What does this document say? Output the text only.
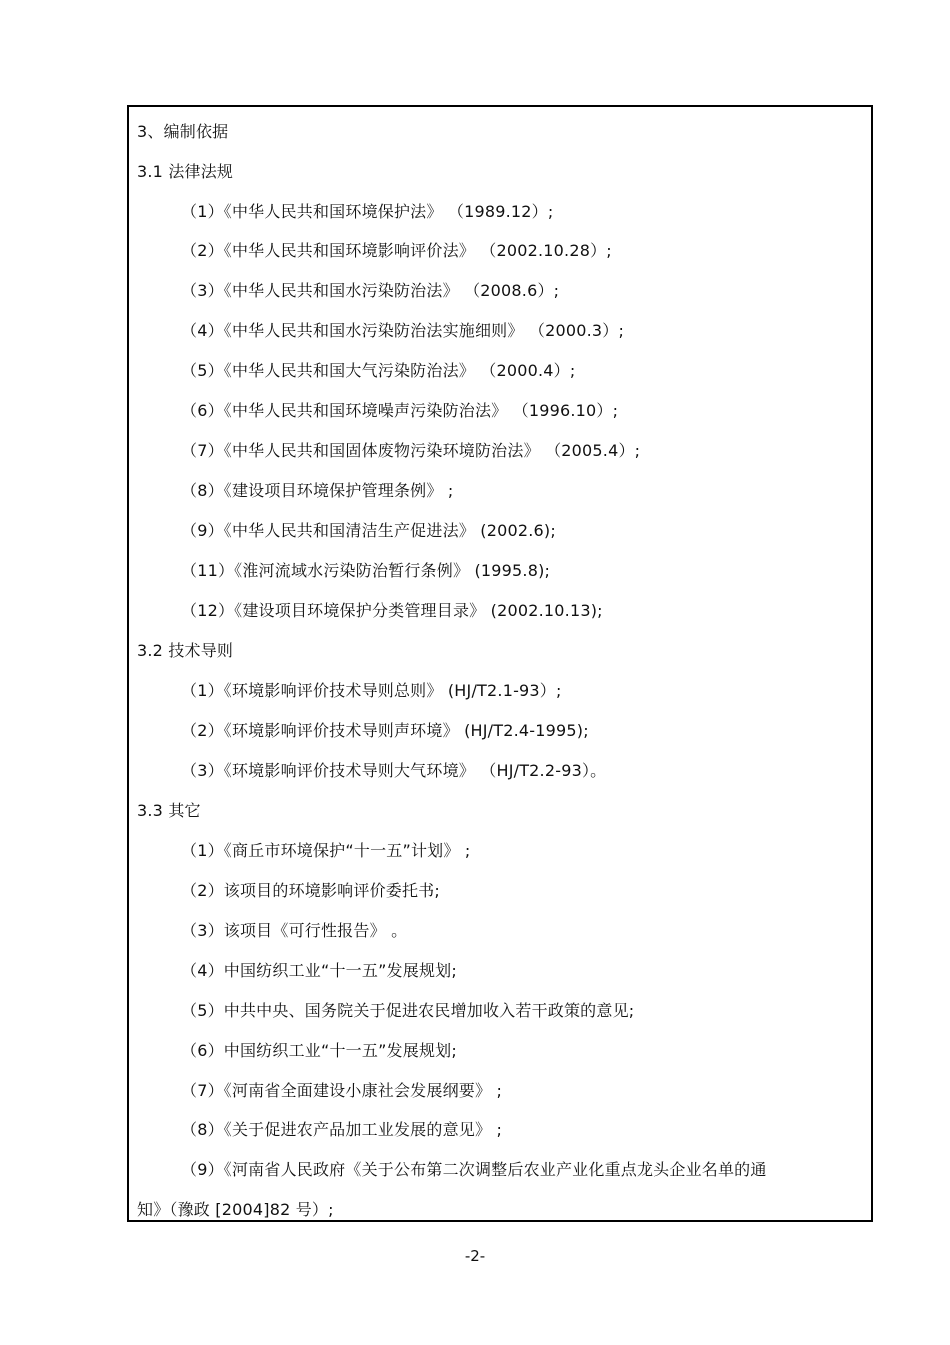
3、编制依据
3.1 法律法规
（1）《中华人民共和国环境保护法》 （1989.12）;
（2）《中华人民共和国环境影响评价法》 （2002.10.28）;
（3）《中华人民共和国水污染防治法》 （2008.6）;
（4）《中华人民共和国水污染防治法实施细则》 （2000.3）;
（5）《中华人民共和国大气污染防治法》 （2000.4）;
（6）《中华人民共和国环境噪声污染防治法》 （1996.10）;
（7）《中华人民共和国固体废物污染环境防治法》 （2005.4）;
（8）《建设项目环境保护管理条例》 ;
（9）《中华人民共和国清洁生产促进法》 (2002.6);
（11）《淮河流域水污染防治暂行条例》 (1995.8);
（12）《建设项目环境保护分类管理目录》 (2002.10.13);
3.2 技术导则
（1）《环境影响评价技术导则总则》 (HJ/T2.1-93）;
（2）《环境影响评价技术导则声环境》 (HJ/T2.4-1995);
（3）《环境影响评价技术导则大气环境》 （HJ/T2.2-93）。
3.3 其它
（1）《商丘市环境保护“十一五”计划》 ;
（2）该项目的环境影响评价委托书;
（3）该项目《可行性报告》 。
（4）中国纺织工业“十一五”发展规划;
（5）中共中央、国务院关于促进农民增加收入若干政策的意见;
（6）中国纺织工业“十一五”发展规划;
（7）《河南省全面建设小康社会发展纲要》 ;
（8）《关于促进农产品加工业发展的意见》 ;
（9）《河南省人民政府《关于公布第二次调整后农业产业化重点龙头企业名单的通
知》（豫政 [2004]82 号）;
-2-
